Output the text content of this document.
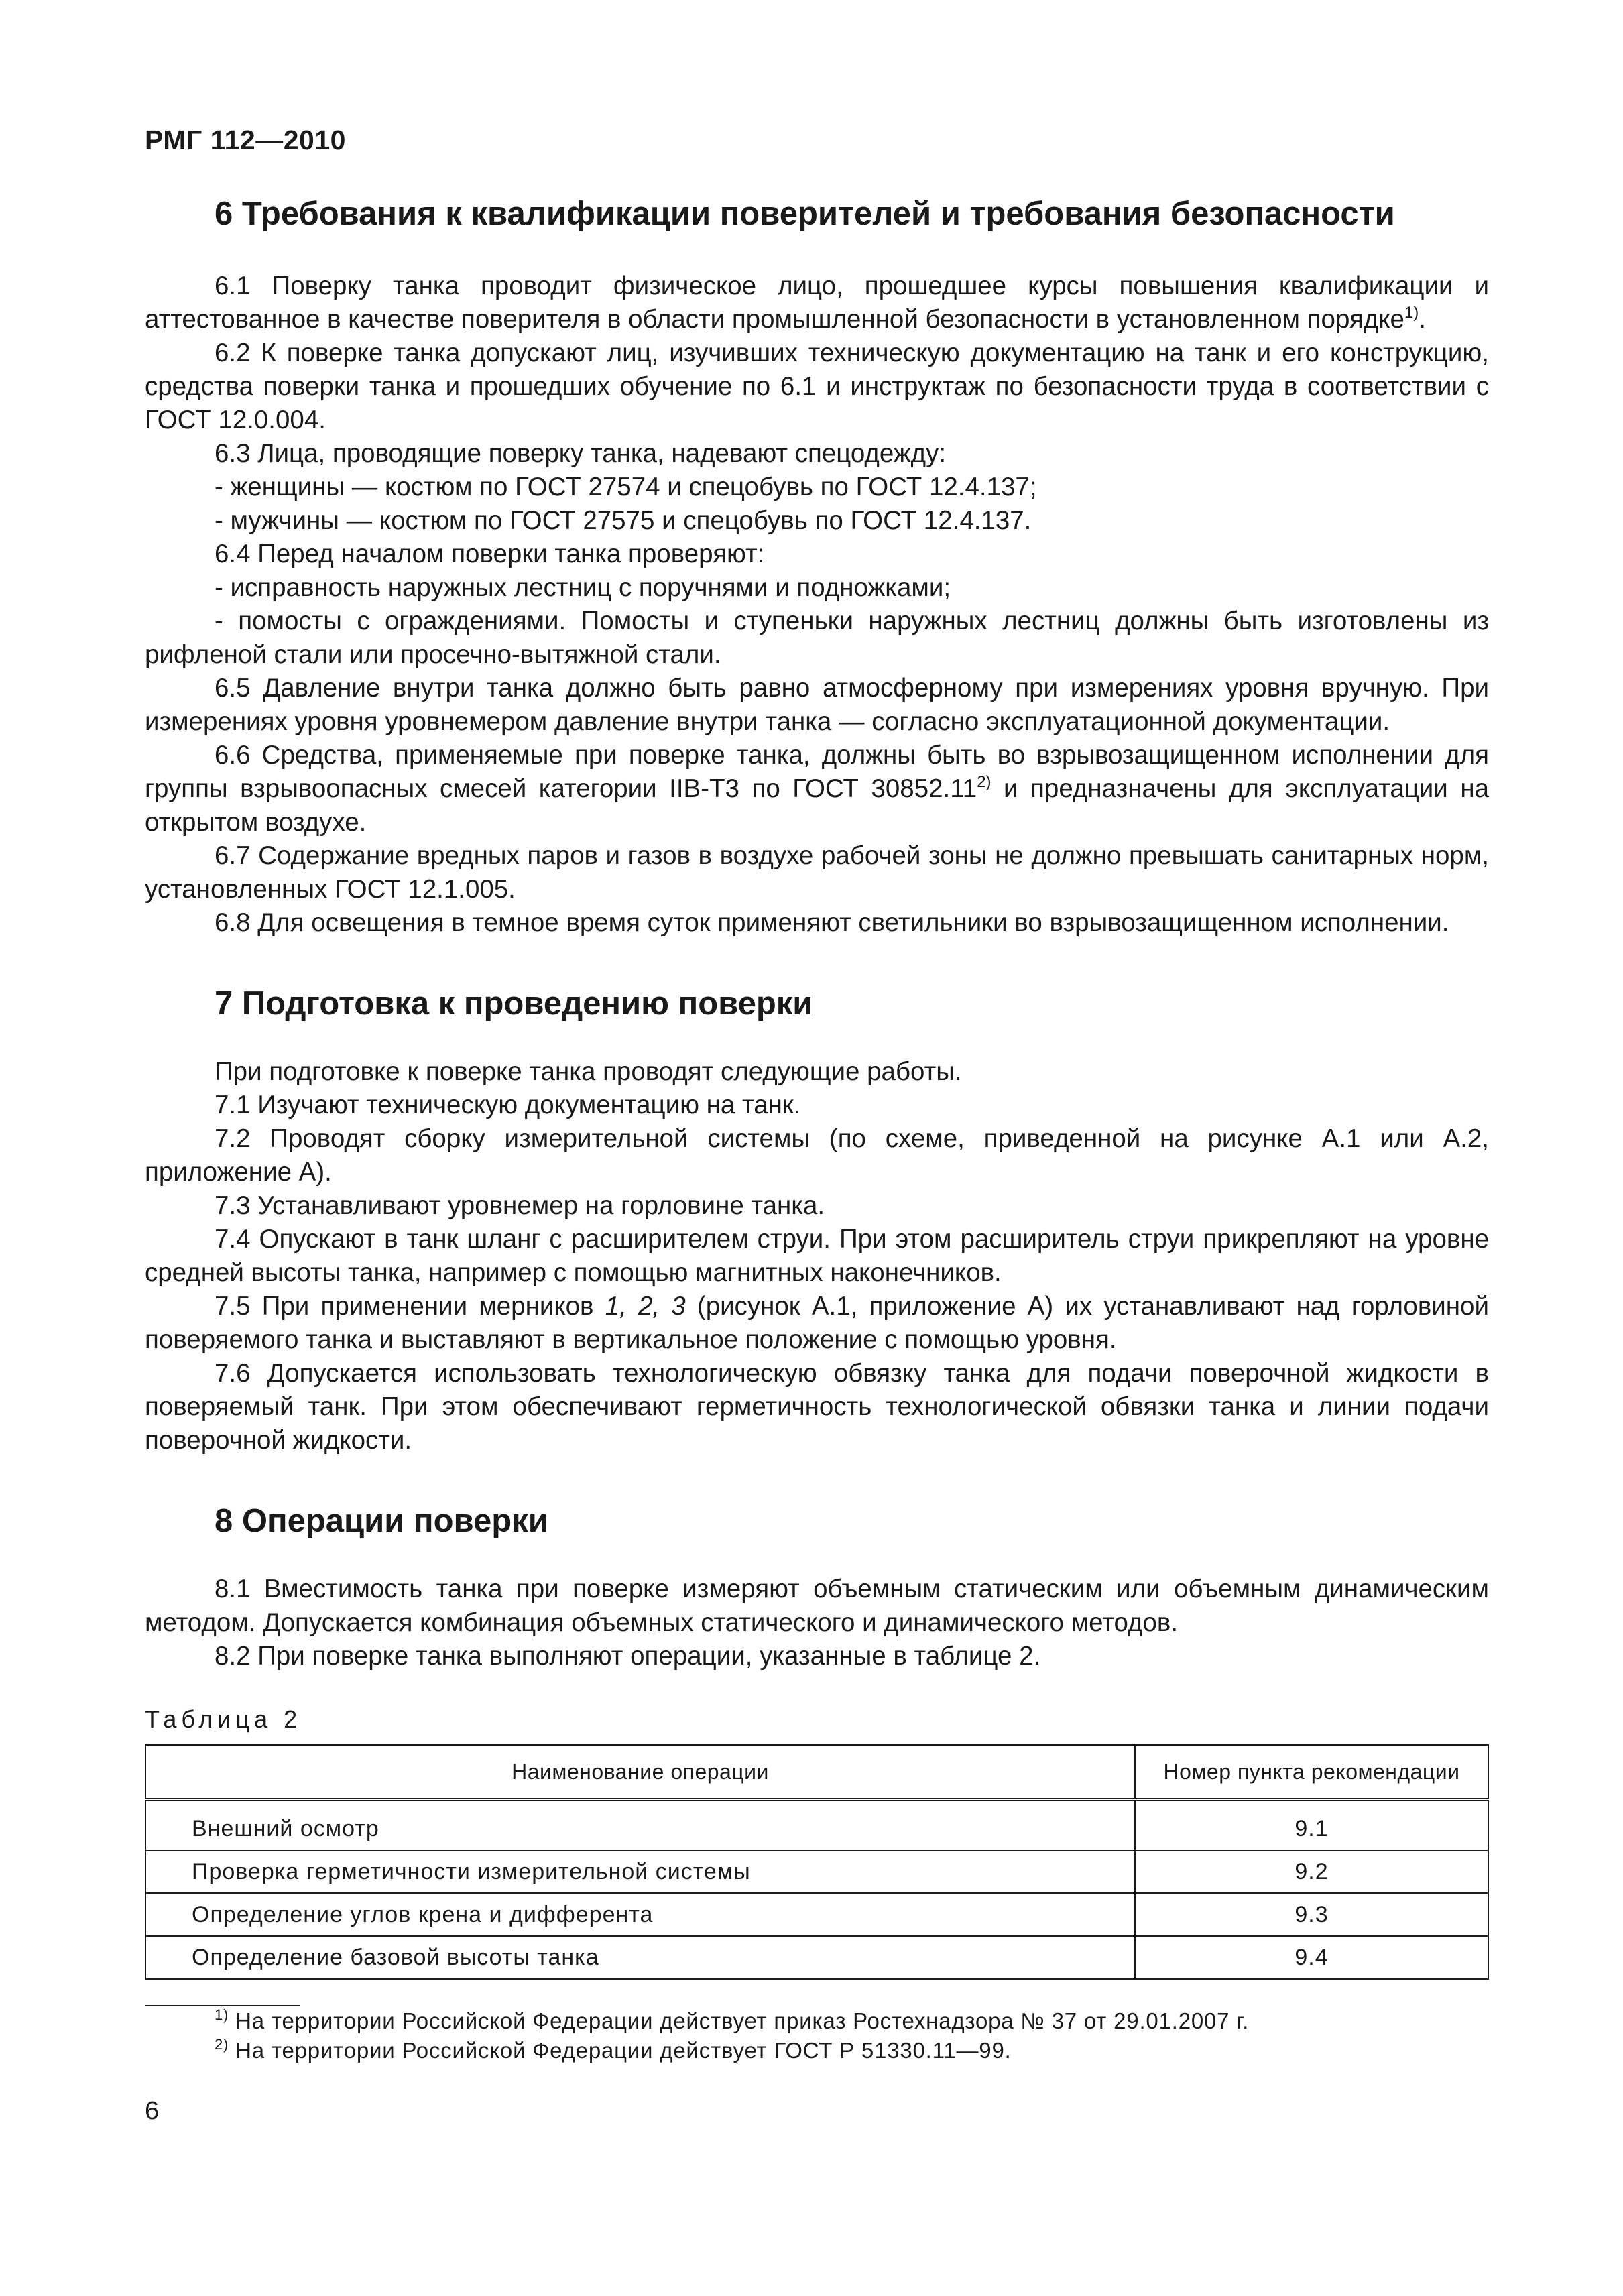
РМГ 112—2010
6 Требования к квалификации поверителей и требования безопасности

6.1 Поверку танка проводит физическое лицо, прошедшее курсы повышения квалификации и аттестованное в качестве поверителя в области промышленной безопасности в установленном порядке$^{1)}$.

6.2 К поверке танка допускают лиц, изучивших техническую документацию на танк и его конструкцию, средства поверки танка и прошедших обучение по 6.1 и инструктаж по безопасности труда в соответствии с ГОСТ 12.0.004.

6.3 Лица, проводящие поверку танка, надевают спецодежду:

- женщины — костюм по ГОСТ 27574 и спецобувь по ГОСТ 12.4.137;

- мужчины — костюм по ГОСТ 27575 и спецобувь по ГОСТ 12.4.137.

6.4 Перед началом поверки танка проверяют:

- исправность наружных лестниц с поручнями и подножками;

- помосты с ограждениями. Помосты и ступеньки наружных лестниц должны быть изготовлены из рифленой стали или просечно-вытяжной стали.

6.5 Давление внутри танка должно быть равно атмосферному при измерениях уровня вручную. При измерениях уровня уровнемером давление внутри танка — согласно эксплуатационной документации.

6.6 Средства, применяемые при поверке танка, должны быть во взрывозащищенном исполнении для группы взрывоопасных смесей категории IIB-T3 по ГОСТ 30852.11$^{2)}$ и предназначены для эксплуатации на открытом воздухе.

6.7 Содержание вредных паров и газов в воздухе рабочей зоны не должно превышать санитарных норм, установленных ГОСТ 12.1.005.

6.8 Для освещения в темное время суток применяют светильники во взрывозащищенном исполнении.

7 Подготовка к проведению поверки

При подготовке к поверке танка проводят следующие работы.

7.1 Изучают техническую документацию на танк.

7.2 Проводят сборку измерительной системы (по схеме, приведенной на рисунке А.1 или А.2, приложение А).

7.3 Устанавливают уровнемер на горловине танка.

7.4 Опускают в танк шланг с расширителем струи. При этом расширитель струи прикрепляют на уровне средней высоты танка, например с помощью магнитных наконечников.

7.5 При применении мерников 1, 2, 3 (рисунок А.1, приложение А) их устанавливают над горловиной поверяемого танка и выставляют в вертикальное положение с помощью уровня.

7.6 Допускается использовать технологическую обвязку танка для подачи поверочной жидкости в поверяемый танк. При этом обеспечивают герметичность технологической обвязки танка и линии подачи поверочной жидкости.

8 Операции поверки

8.1 Вместимость танка при поверке измеряют объемным статическим или объемным динамическим методом. Допускается комбинация объемных статического и динамического методов.

8.2 При поверке танка выполняют операции, указанные в таблице 2.

Таблица 2
Наименование операции	Номер пункта рекомендации
Внешний осмотр	9.1
Проверка герметичности измерительной системы	9.2
Определение углов крена и дифферента	9.3
Определение базовой высоты танка	9.4
$^{1)}$ На территории Российской Федерации действует приказ Ростехнадзора № 37 от 29.01.2007 г.
$^{2)}$ На территории Российской Федерации действует ГОСТ Р 51330.11—99.
6
